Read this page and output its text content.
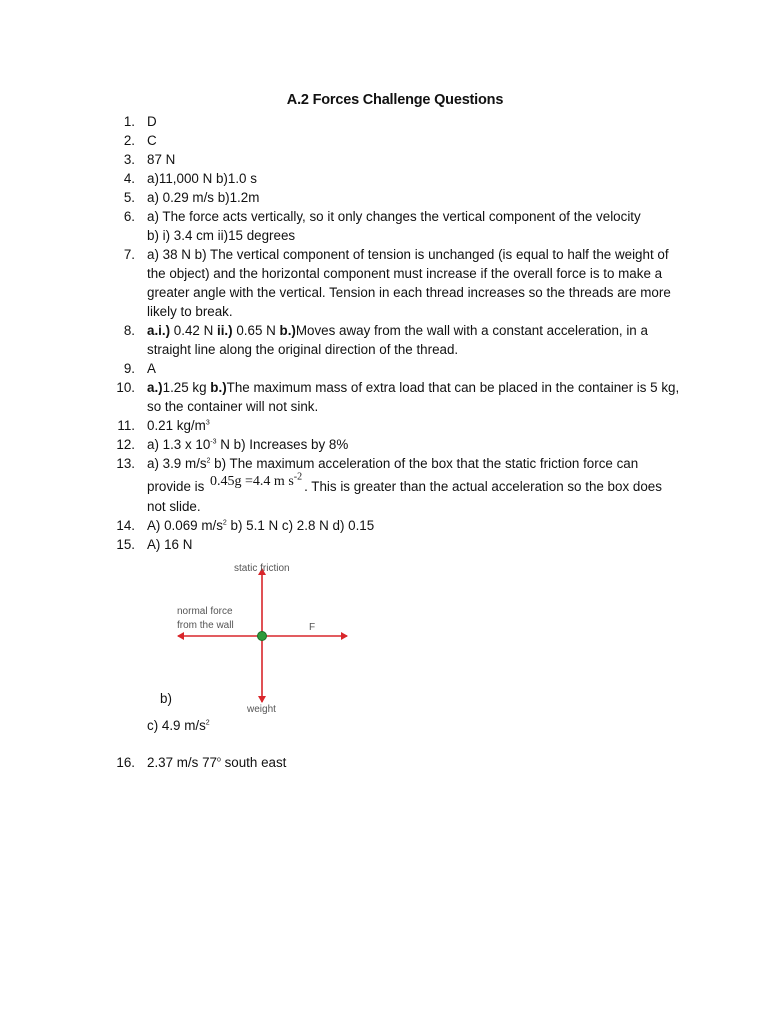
A.2 Forces Challenge Questions
1. D
2. C
3. 87 N
4. a)11,000 N b)1.0 s
5. a) 0.29 m/s b)1.2m
6. a) The force acts vertically, so it only changes the vertical component of the velocity
b) i) 3.4 cm ii)15 degrees
7. a) 38 N b) The vertical component of tension is unchanged (is equal to half the weight of the object) and the horizontal component must increase if the overall force is to make a greater angle with the vertical. Tension in each thread increases so the threads are more likely to break.
8. a.i.) 0.42 N ii.) 0.65 N b.)Moves away from the wall with a constant acceleration, in a straight line along the original direction of the thread.
9. A
10. a.)1.25 kg b.)The maximum mass of extra load that can be placed in the container is 5 kg, so the container will not sink.
11. 0.21 $kg/m^3$
12. a) 1.3 x $10^{-3}$ N b) Increases by 8%
13. a) 3.9 $m/s^2$ b) The maximum acceleration of the box that the static friction force can
provide is 0.45g =4.4 m $s^{-2}$. This is greater than the actual acceleration so the box does
not slide.
14. A) 0.069 $m/s^2$ b) 5.1 N c) 2.8 N d) 0.15
15. A) 16 N
static friction
normal force
from the wall	F
weight
b)
c) 4.9 $m/s^2$
16. 2.37 m/s 77$^o$ south east
